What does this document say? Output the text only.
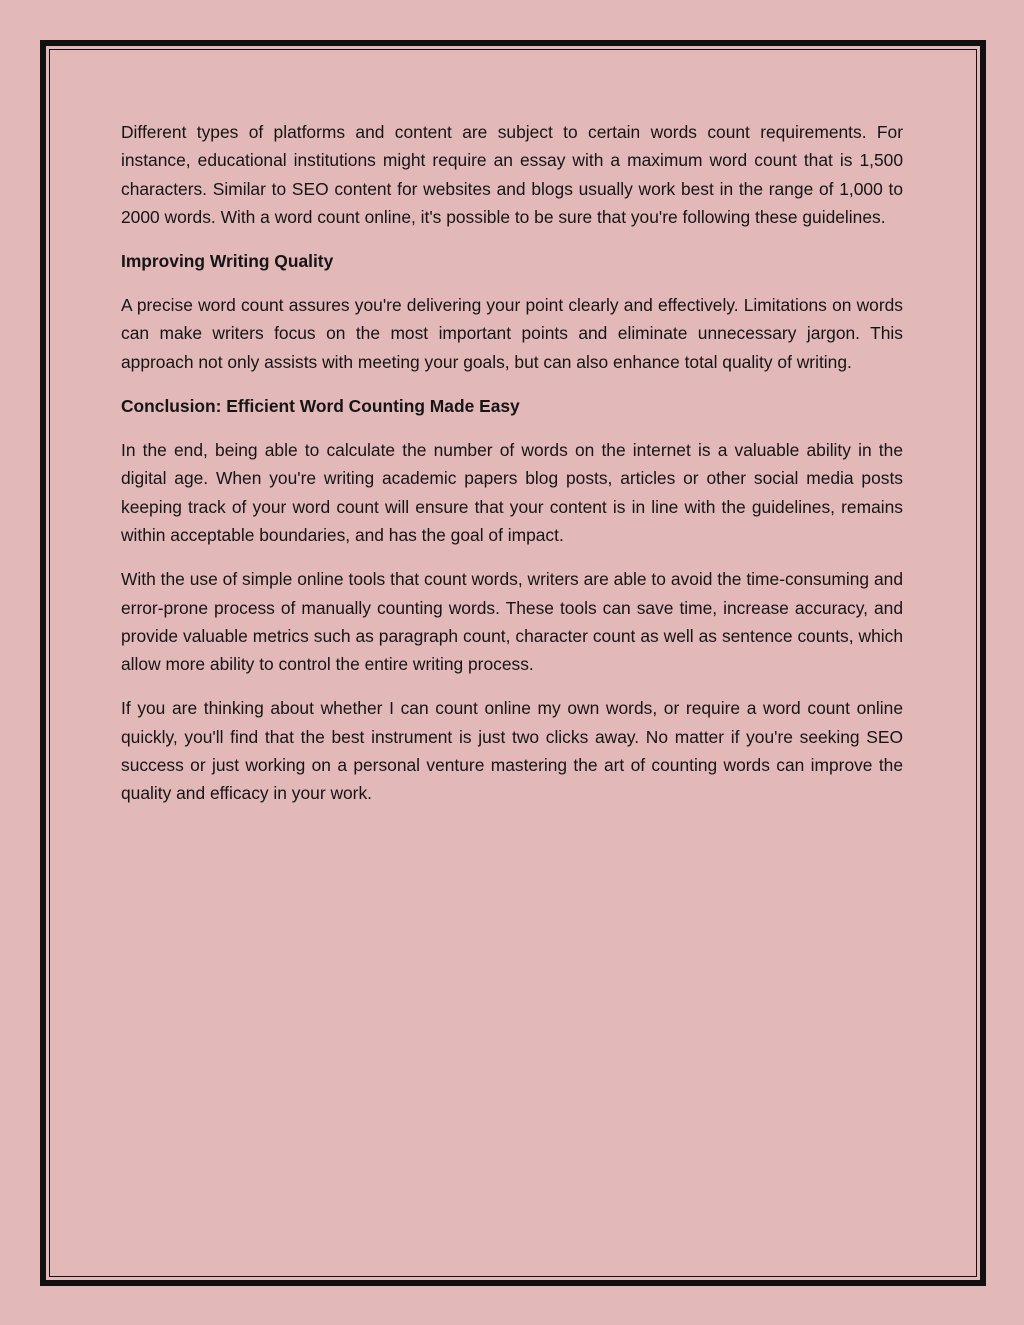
Different types of platforms and content are subject to certain words count requirements. For instance, educational institutions might require an essay with a maximum word count that is 1,500 characters. Similar to SEO content for websites and blogs usually work best in the range of 1,000 to 2000 words. With a word count online, it's possible to be sure that you're following these guidelines.

Improving Writing Quality

A precise word count assures you're delivering your point clearly and effectively. Limitations on words can make writers focus on the most important points and eliminate unnecessary jargon. This approach not only assists with meeting your goals, but can also enhance total quality of writing.

Conclusion: Efficient Word Counting Made Easy

In the end, being able to calculate the number of words on the internet is a valuable ability in the digital age. When you're writing academic papers blog posts, articles or other social media posts keeping track of your word count will ensure that your content is in line with the guidelines, remains within acceptable boundaries, and has the goal of impact.

With the use of simple online tools that count words, writers are able to avoid the time-consuming and error-prone process of manually counting words. These tools can save time, increase accuracy, and provide valuable metrics such as paragraph count, character count as well as sentence counts, which allow more ability to control the entire writing process.

If you are thinking about whether I can count online my own words, or require a word count online quickly, you'll find that the best instrument is just two clicks away. No matter if you're seeking SEO success or just working on a personal venture mastering the art of counting words can improve the quality and efficacy in your work.
